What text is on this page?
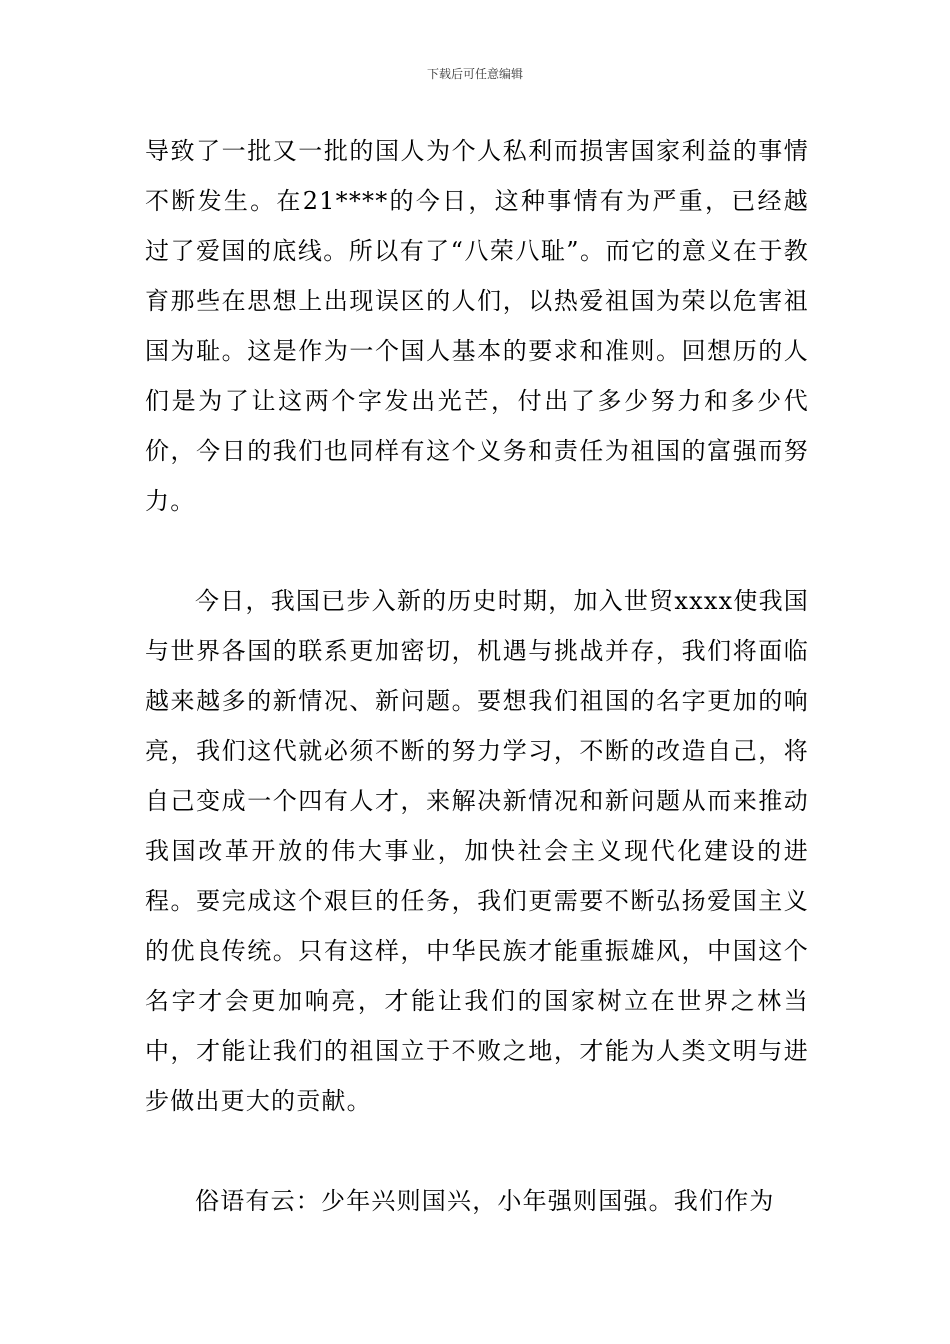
下载后可任意编辑

导致了一批又一批的国人为个人私利而损害国家利益的事情不断发生。在21****的今日，这种事情有为严重，已经越过了爱国的底线。所以有了“八荣八耻”。而它的意义在于教育那些在思想上出现误区的人们，以热爱祖国为荣以危害祖国为耻。这是作为一个国人基本的要求和准则。回想历的人们是为了让这两个字发出光芒，付出了多少努力和多少代价，今日的我们也同样有这个义务和责任为祖国的富强而努力。

今日，我国已步入新的历史时期，加入世贸xxxx使我国与世界各国的联系更加密切，机遇与挑战并存，我们将面临越来越多的新情况、新问题。要想我们祖国的名字更加的响亮，我们这代就必须不断的努力学习，不断的改造自己，将自己变成一个四有人才，来解决新情况和新问题从而来推动我国改革开放的伟大事业，加快社会主义现代化建设的进程。要完成这个艰巨的任务，我们更需要不断弘扬爱国主义的优良传统。只有这样，中华民族才能重振雄风，中国这个名字才会更加响亮，才能让我们的国家树立在世界之林当中，才能让我们的祖国立于不败之地，才能为人类文明与进步做出更大的贡献。

俗语有云：少年兴则国兴，小年强则国强。我们作为
